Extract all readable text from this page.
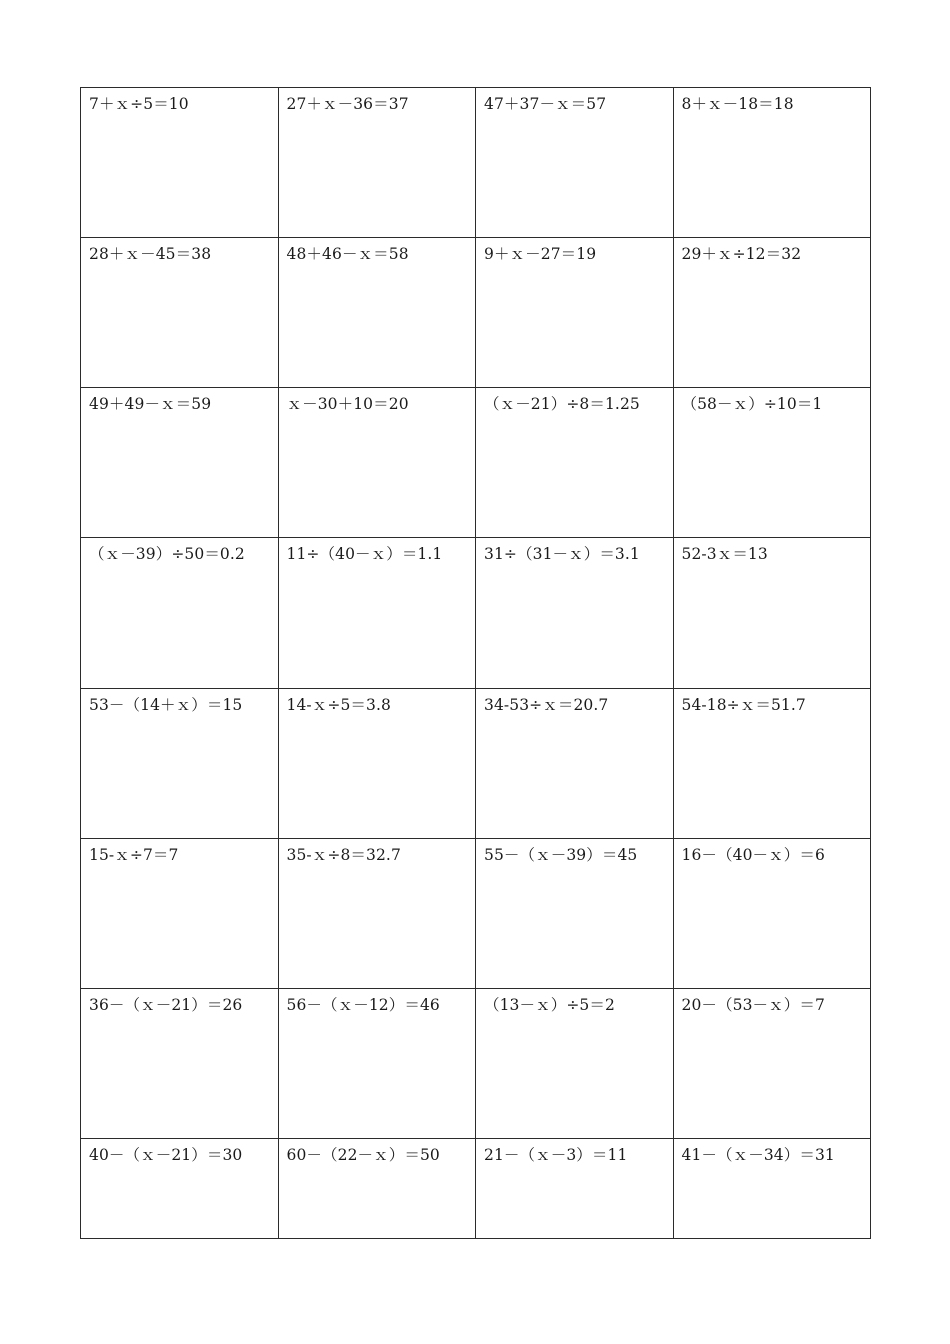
7＋ｘ÷5＝10	27＋ｘ－36＝37	47＋37－ｘ＝57	8＋ｘ－18＝18
28＋ｘ－45＝38	48＋46－ｘ＝58	9＋ｘ－27＝19	29＋ｘ÷12＝32
49＋49－ｘ＝59	ｘ－30＋10＝20	（ｘ－21）÷8＝1.25	（58－ｘ）÷10＝1
（ｘ－39）÷50＝0.2	11÷（40－ｘ）＝1.1	31÷（31－ｘ）＝3.1	52-3ｘ＝13
53－（14＋ｘ）＝15	14-ｘ÷5＝3.8	34-53÷ｘ＝20.7	54-18÷ｘ＝51.7
15-ｘ÷7＝7	35-ｘ÷8＝32.7	55－（ｘ－39）＝45	16－（40－ｘ）＝6
36－（ｘ－21）＝26	56－（ｘ－12）＝46	（13－ｘ）÷5＝2	20－（53－ｘ）＝7
40－（ｘ－21）＝30	60－（22－ｘ）＝50	21－（ｘ－3）＝11	41－（ｘ－34）＝31
